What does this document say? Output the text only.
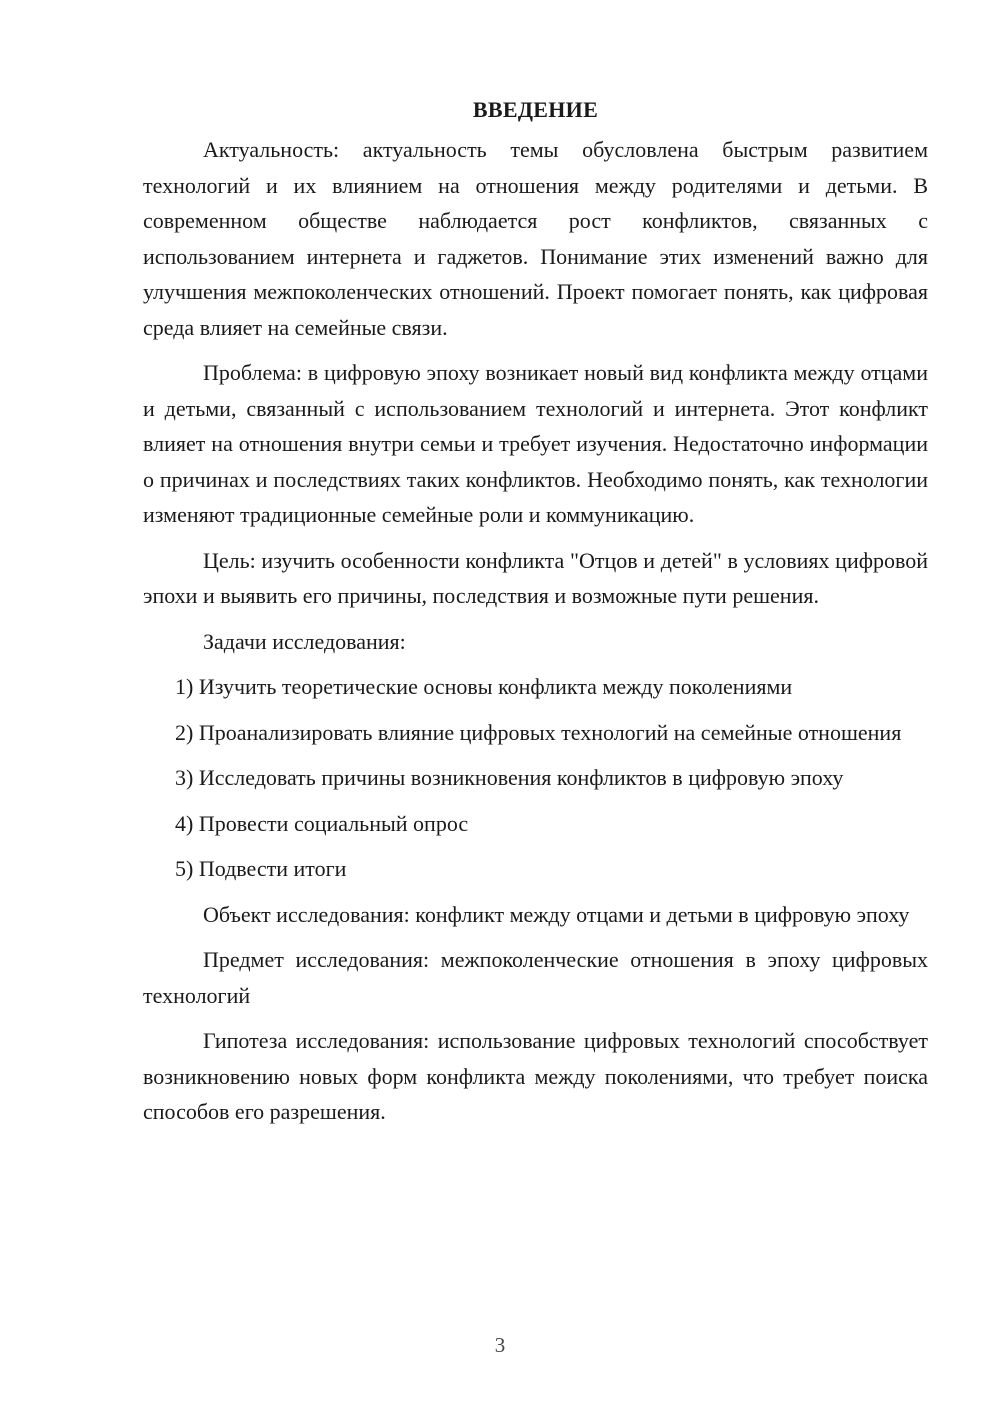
ВВЕДЕНИЕ

Актуальность: актуальность темы обусловлена быстрым развитием технологий и их влиянием на отношения между родителями и детьми. В современном обществе наблюдается рост конфликтов, связанных с использованием интернета и гаджетов. Понимание этих изменений важно для улучшения межпоколенческих отношений. Проект помогает понять, как цифровая среда влияет на семейные связи.

Проблема: в цифровую эпоху возникает новый вид конфликта между отцами и детьми, связанный с использованием технологий и интернета. Этот конфликт влияет на отношения внутри семьи и требует изучения. Недостаточно информации о причинах и последствиях таких конфликтов. Необходимо понять, как технологии изменяют традиционные семейные роли и коммуникацию.

Цель: изучить особенности конфликта "Отцов и детей" в условиях цифровой эпохи и выявить его причины, последствия и возможные пути решения.

Задачи исследования:

1) Изучить теоретические основы конфликта между поколениями

2) Проанализировать влияние цифровых технологий на семейные отношения

3) Исследовать причины возникновения конфликтов в цифровую эпоху

4) Провести социальный опрос

5) Подвести итоги

Объект исследования: конфликт между отцами и детьми в цифровую эпоху

Предмет исследования: межпоколенческие отношения в эпоху цифровых технологий

Гипотеза исследования: использование цифровых технологий способствует возникновению новых форм конфликта между поколениями, что требует поиска способов его разрешения.

3
